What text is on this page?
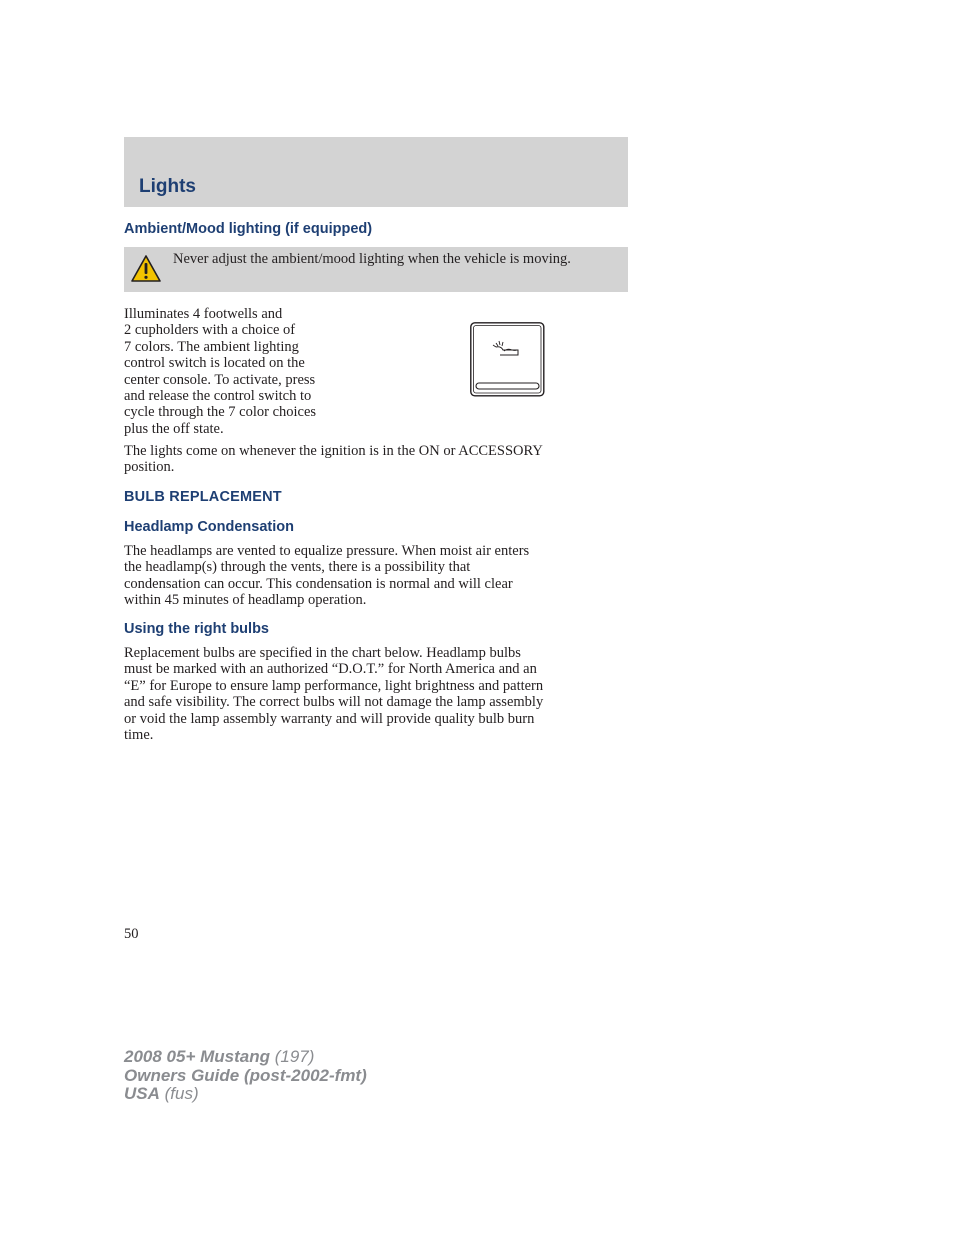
Lights
Ambient/Mood lighting (if equipped)
Never adjust the ambient/mood lighting when the vehicle is moving.
Illuminates 4 footwells and
2 cupholders with a choice of
7 colors. The ambient lighting
control switch is located on the
center console. To activate, press
and release the control switch to
cycle through the 7 color choices
plus the off state.
The lights come on whenever the ignition is in the ON or ACCESSORY
position.
BULB REPLACEMENT
Headlamp Condensation
The headlamps are vented to equalize pressure. When moist air enters
the headlamp(s) through the vents, there is a possibility that
condensation can occur. This condensation is normal and will clear
within 45 minutes of headlamp operation.
Using the right bulbs
Replacement bulbs are specified in the chart below. Headlamp bulbs
must be marked with an authorized “D.O.T.” for North America and an
“E” for Europe to ensure lamp performance, light brightness and pattern
and safe visibility. The correct bulbs will not damage the lamp assembly
or void the lamp assembly warranty and will provide quality bulb burn
time.
50
2008 05+ Mustang (197)
Owners Guide (post-2002-fmt)
USA (fus)
